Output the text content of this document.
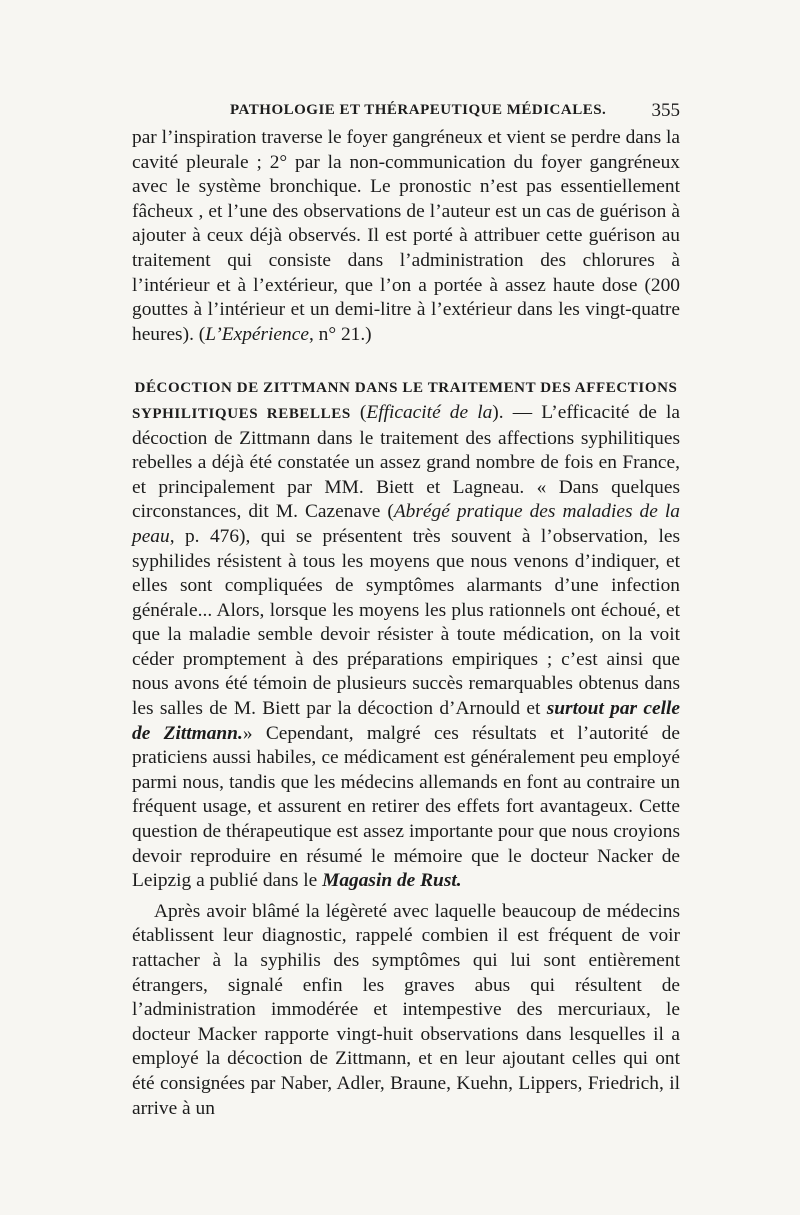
PATHOLOGIE ET THÉRAPEUTIQUE MÉDICALES. 355

par l’inspiration traverse le foyer gangréneux et vient se perdre dans la cavité pleurale ; 2° par la non-communication du foyer gangréneux avec le système bronchique. Le pronostic n’est pas essentiellement fâcheux , et l’une des observations de l’auteur est un cas de guérison à ajouter à ceux déjà observés. Il est porté à attribuer cette guérison au traitement qui consiste dans l’administration des chlorures à l’intérieur et à l’extérieur, que l’on a portée à assez haute dose (200 gouttes à l’intérieur et un demi-litre à l’extérieur dans les vingt-quatre heures). (L’Expérience, n° 21.)

DÉCOCTION DE ZITTMANN DANS LE TRAITEMENT DES AFFECTIONS

SYPHILITIQUES REBELLES (Efficacité de la). — L’efficacité de la décoction de Zittmann dans le traitement des affections syphilitiques rebelles a déjà été constatée un assez grand nombre de fois en France, et principalement par MM. Biett et Lagneau. « Dans quelques circonstances, dit M. Cazenave (Abrégé pratique des maladies de la peau, p. 476), qui se présentent très souvent à l’observation, les syphilides résistent à tous les moyens que nous venons d’indiquer, et elles sont compliquées de symptômes alarmants d’une infection générale... Alors, lorsque les moyens les plus rationnels ont échoué, et que la maladie semble devoir résister à toute médication, on la voit céder promptement à des préparations empiriques ; c’est ainsi que nous avons été témoin de plusieurs succès remarquables obtenus dans les salles de M. Biett par la décoction d’Arnould et surtout par celle de Zittmann.» Cependant, malgré ces résultats et l’autorité de praticiens aussi habiles, ce médicament est généralement peu employé parmi nous, tandis que les médecins allemands en font au contraire un fréquent usage, et assurent en retirer des effets fort avantageux. Cette question de thérapeutique est assez importante pour que nous croyions devoir reproduire en résumé le mémoire que le docteur Nacker de Leipzig a publié dans le Magasin de Rust.

Après avoir blâmé la légèreté avec laquelle beaucoup de médecins établissent leur diagnostic, rappelé combien il est fréquent de voir rattacher à la syphilis des symptômes qui lui sont entièrement étrangers, signalé enfin les graves abus qui résultent de l’administration immodérée et intempestive des mercuriaux, le docteur Macker rapporte vingt-huit observations dans lesquelles il a employé la décoction de Zittmann, et en leur ajoutant celles qui ont été consignées par Naber, Adler, Braune, Kuehn, Lippers, Friedrich, il arrive à un
